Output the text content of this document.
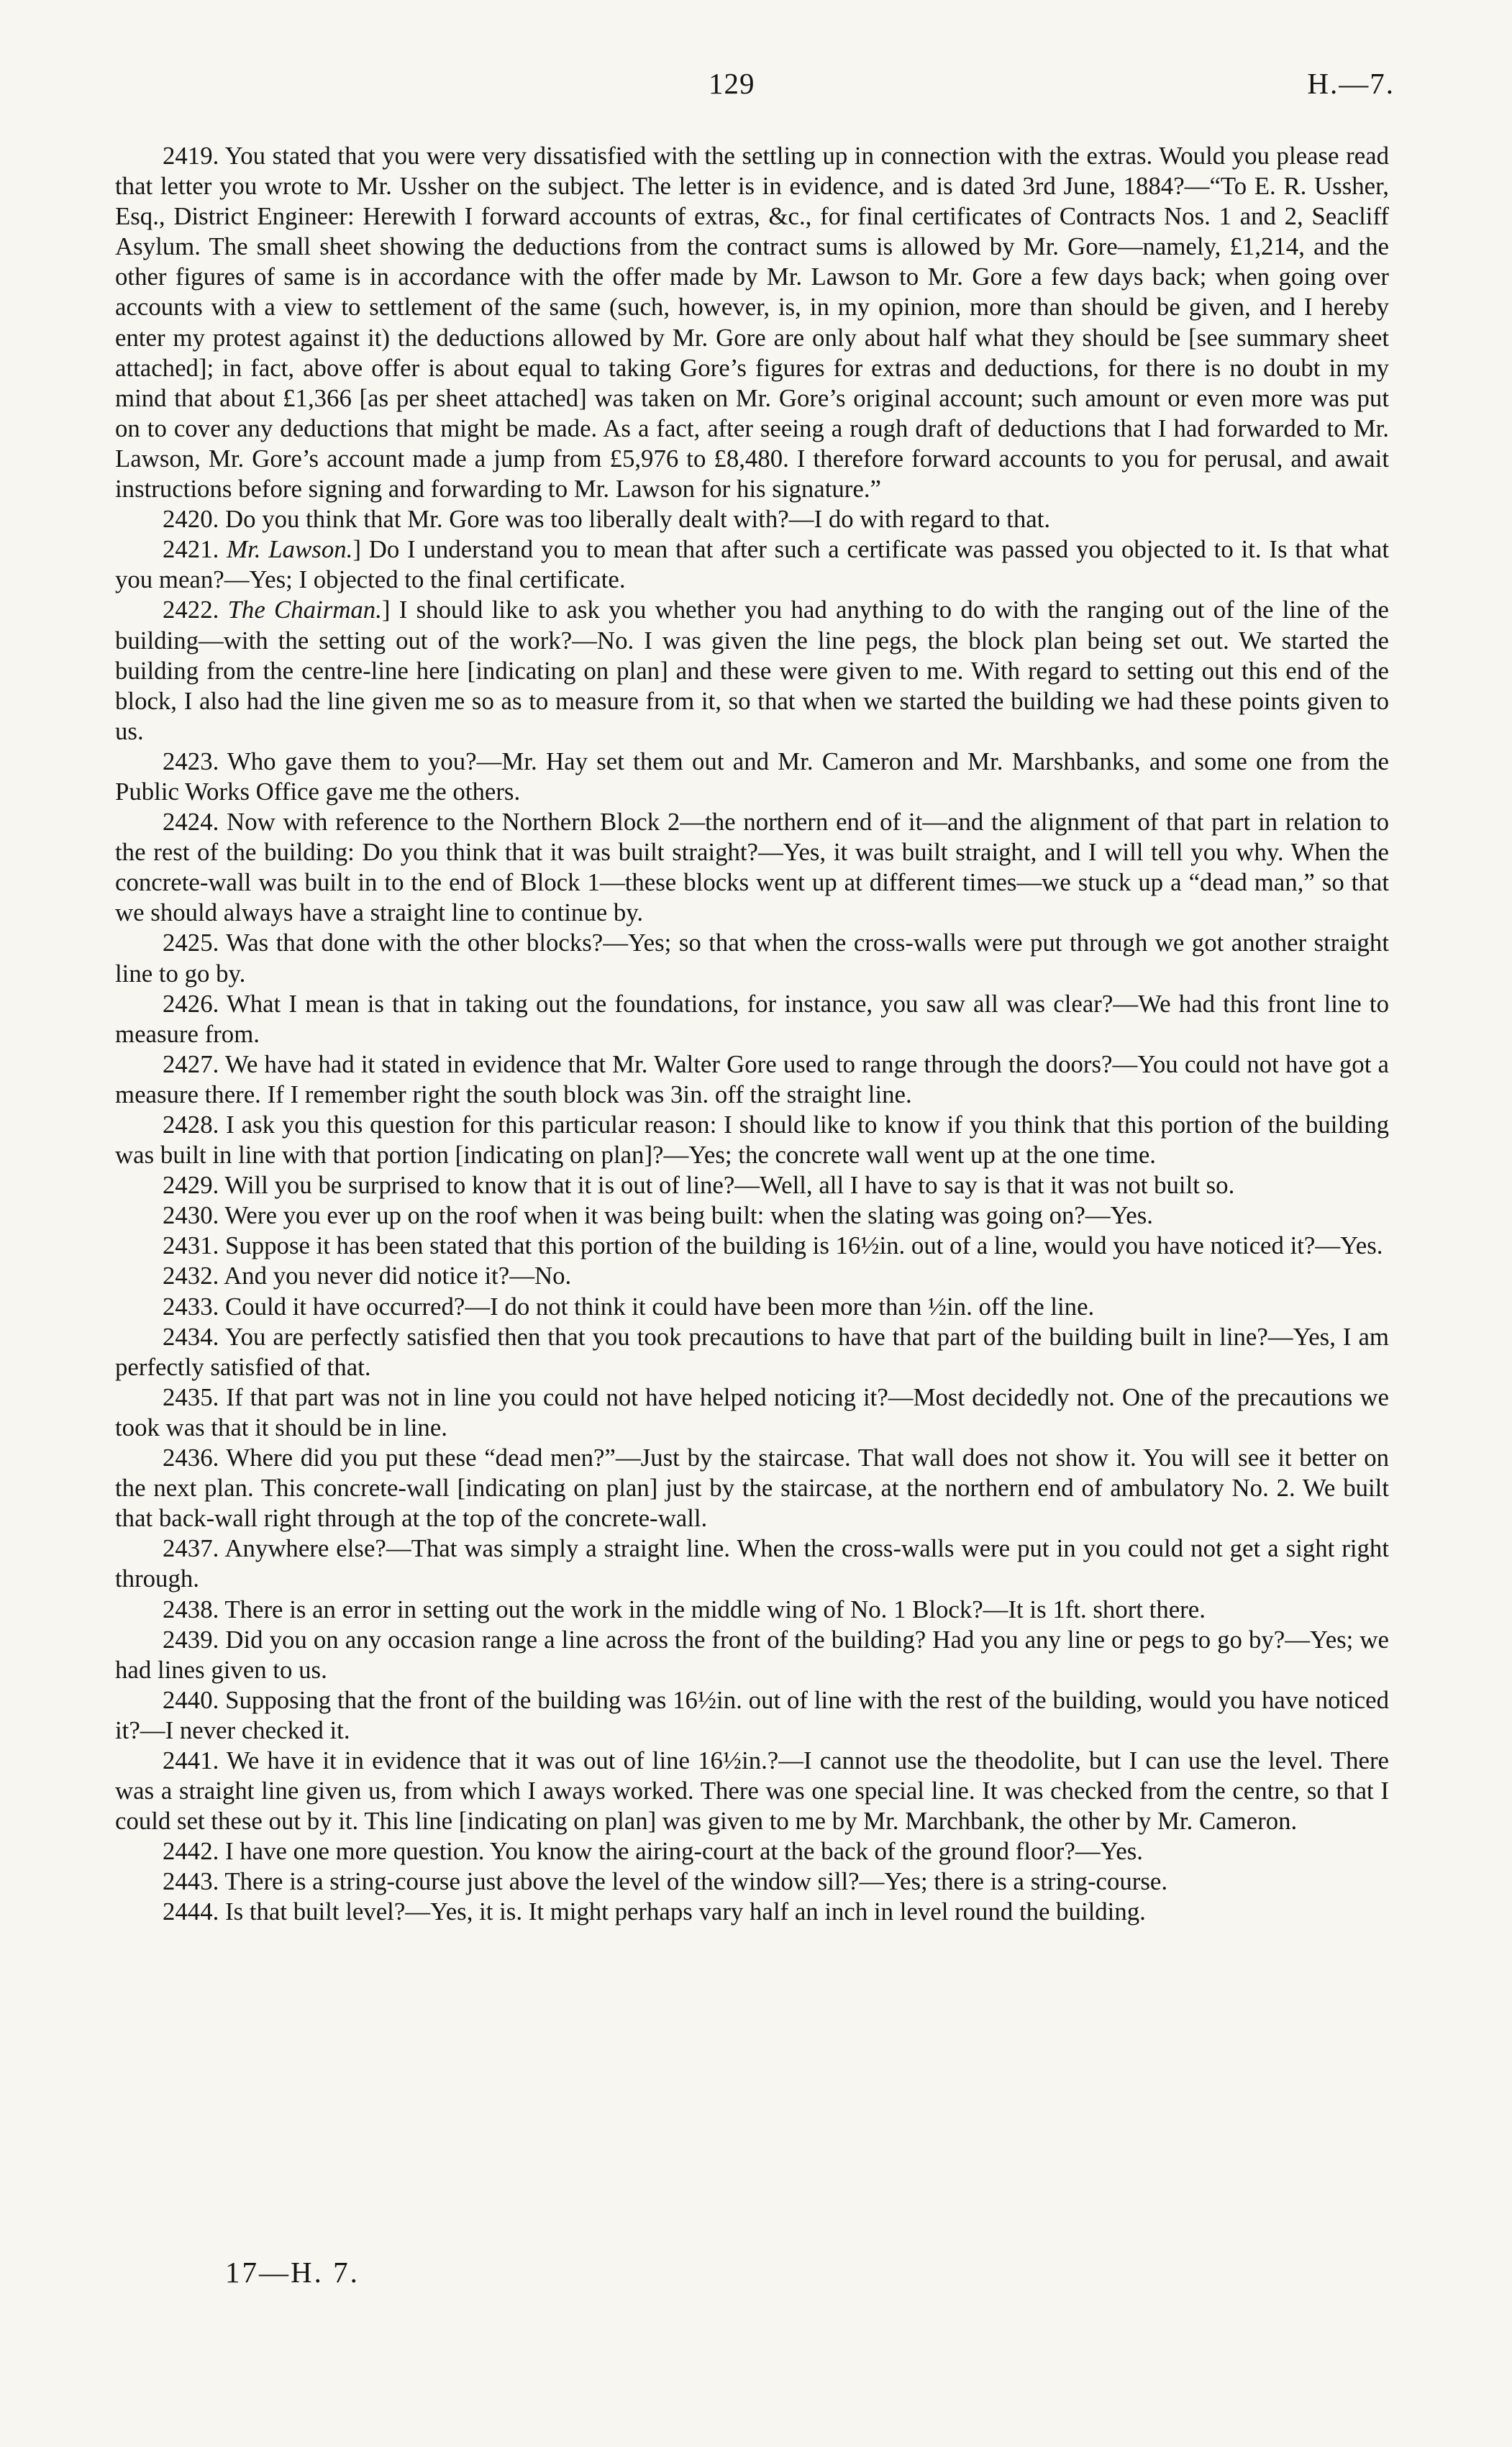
129	H.—7.

2419. You stated that you were very dissatisfied with the settling up in connection with the extras. Would you please read that letter you wrote to Mr. Ussher on the subject. The letter is in evidence, and is dated 3rd June, 1884?—“To E. R. Ussher, Esq., District Engineer: Herewith I forward accounts of extras, &c., for final certificates of Contracts Nos. 1 and 2, Seacliff Asylum. The small sheet showing the deductions from the contract sums is allowed by Mr. Gore—namely, £1,214, and the other figures of same is in accordance with the offer made by Mr. Lawson to Mr. Gore a few days back; when going over accounts with a view to settlement of the same (such, however, is, in my opinion, more than should be given, and I hereby enter my protest against it) the deductions allowed by Mr. Gore are only about half what they should be [see summary sheet attached]; in fact, above offer is about equal to taking Gore’s figures for extras and deductions, for there is no doubt in my mind that about £1,366 [as per sheet attached] was taken on Mr. Gore’s original account; such amount or even more was put on to cover any deductions that might be made. As a fact, after seeing a rough draft of deductions that I had forwarded to Mr. Lawson, Mr. Gore’s account made a jump from £5,976 to £8,480. I therefore forward accounts to you for perusal, and await instructions before signing and forwarding to Mr. Lawson for his signature.”

2420. Do you think that Mr. Gore was too liberally dealt with?—I do with regard to that.

2421. Mr. Lawson.] Do I understand you to mean that after such a certificate was passed you objected to it. Is that what you mean?—Yes; I objected to the final certificate.

2422. The Chairman.] I should like to ask you whether you had anything to do with the ranging out of the line of the building—with the setting out of the work?—No. I was given the line pegs, the block plan being set out. We started the building from the centre-line here [indicating on plan] and these were given to me. With regard to setting out this end of the block, I also had the line given me so as to measure from it, so that when we started the building we had these points given to us.

2423. Who gave them to you?—Mr. Hay set them out and Mr. Cameron and Mr. Marshbanks, and some one from the Public Works Office gave me the others.

2424. Now with reference to the Northern Block 2—the northern end of it—and the alignment of that part in relation to the rest of the building: Do you think that it was built straight?—Yes, it was built straight, and I will tell you why. When the concrete-wall was built in to the end of Block 1—these blocks went up at different times—we stuck up a “dead man,” so that we should always have a straight line to continue by.

2425. Was that done with the other blocks?—Yes; so that when the cross-walls were put through we got another straight line to go by.

2426. What I mean is that in taking out the foundations, for instance, you saw all was clear?—We had this front line to measure from.

2427. We have had it stated in evidence that Mr. Walter Gore used to range through the doors?—You could not have got a measure there. If I remember right the south block was 3in. off the straight line.

2428. I ask you this question for this particular reason: I should like to know if you think that this portion of the building was built in line with that portion [indicating on plan]?—Yes; the concrete wall went up at the one time.

2429. Will you be surprised to know that it is out of line?—Well, all I have to say is that it was not built so.

2430. Were you ever up on the roof when it was being built: when the slating was going on?—Yes.

2431. Suppose it has been stated that this portion of the building is 16½in. out of a line, would you have noticed it?—Yes.

2432. And you never did notice it?—No.

2433. Could it have occurred?—I do not think it could have been more than ½in. off the line.

2434. You are perfectly satisfied then that you took precautions to have that part of the building built in line?—Yes, I am perfectly satisfied of that.

2435. If that part was not in line you could not have helped noticing it?—Most decidedly not. One of the precautions we took was that it should be in line.

2436. Where did you put these “dead men?”—Just by the staircase. That wall does not show it. You will see it better on the next plan. This concrete-wall [indicating on plan] just by the staircase, at the northern end of ambulatory No. 2. We built that back-wall right through at the top of the concrete-wall.

2437. Anywhere else?—That was simply a straight line. When the cross-walls were put in you could not get a sight right through.

2438. There is an error in setting out the work in the middle wing of No. 1 Block?—It is 1ft. short there.

2439. Did you on any occasion range a line across the front of the building? Had you any line or pegs to go by?—Yes; we had lines given to us.

2440. Supposing that the front of the building was 16½in. out of line with the rest of the building, would you have noticed it?—I never checked it.

2441. We have it in evidence that it was out of line 16½in.?—I cannot use the theodolite, but I can use the level. There was a straight line given us, from which I aways worked. There was one special line. It was checked from the centre, so that I could set these out by it. This line [indicating on plan] was given to me by Mr. Marchbank, the other by Mr. Cameron.

2442. I have one more question. You know the airing-court at the back of the ground floor?—Yes.

2443. There is a string-course just above the level of the window sill?—Yes; there is a string-course.

2444. Is that built level?—Yes, it is. It might perhaps vary half an inch in level round the building.

17—H. 7.
